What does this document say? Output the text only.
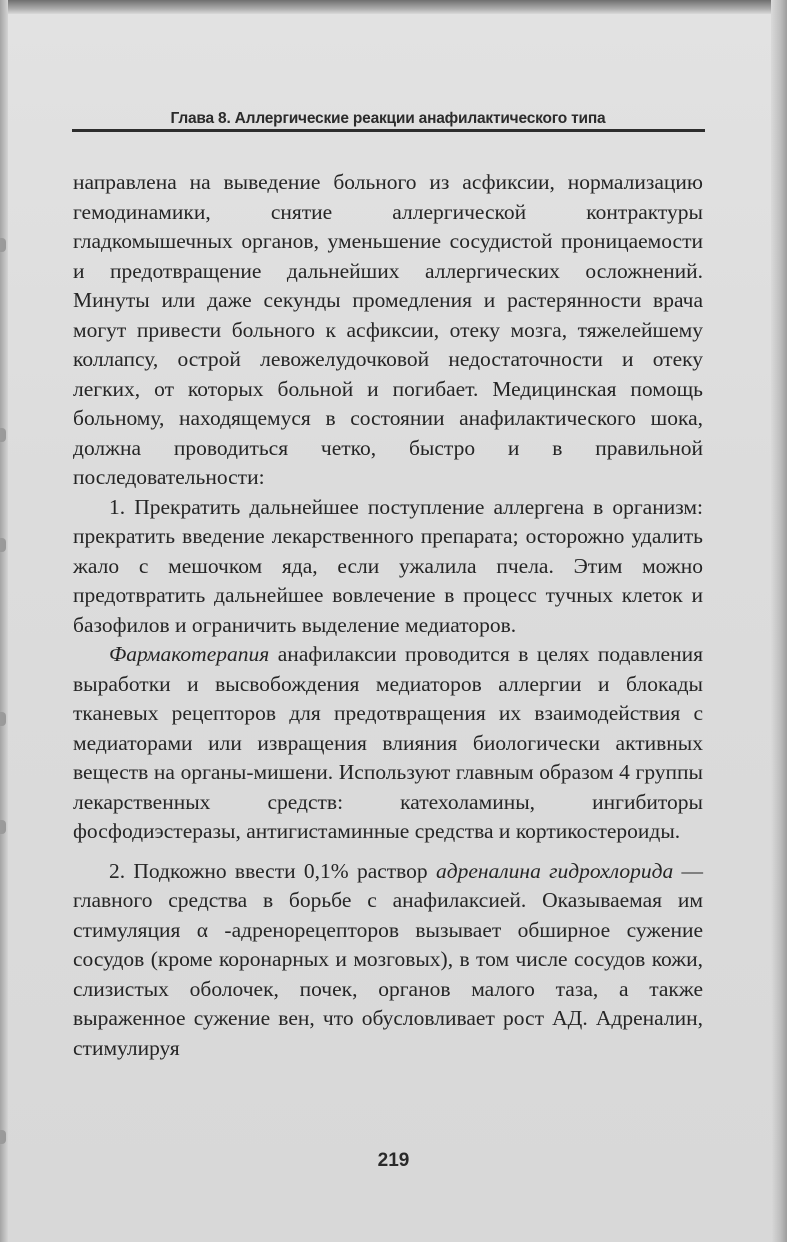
Глава 8. Аллергические реакции анафилактического типа

направлена на выведение больного из асфиксии, нормализацию гемодинамики, снятие аллергической контрактуры гладкомышечных органов, уменьшение сосудистой проницаемости и предотвращение дальнейших аллергических осложнений. Минуты или даже секунды промедления и растерянности врача могут привести больного к асфиксии, отеку мозга, тяжелейшему коллапсу, острой левожелудочковой недостаточности и отеку легких, от которых больной и погибает. Медицинская помощь больному, находящемуся в состоянии анафилактического шока, должна проводиться четко, быстро и в правильной последовательности:

1. Прекратить дальнейшее поступление аллергена в организм: прекратить введение лекарственного препарата; осторожно удалить жало с мешочком яда, если ужалила пчела. Этим можно предотвратить дальнейшее вовлечение в процесс тучных клеток и базофилов и ограничить выделение медиаторов.

Фармакотерапия анафилаксии проводится в целях подавления выработки и высвобождения медиаторов аллергии и блокады тканевых рецепторов для предотвращения их взаимодействия с медиаторами или извращения влияния биологически активных веществ на органы-мишени. Используют главным образом 4 группы лекарственных средств: катехоламины, ингибиторы фосфодиэстеразы, антигистаминные средства и кортикостероиды.

2. Подкожно ввести 0,1% раствор адреналина гидрохлорида — главного средства в борьбе с анафилаксией. Оказываемая им стимуляция α -адренорецепторов вызывает обширное сужение сосудов (кроме коронарных и мозговых), в том числе сосудов кожи, слизистых оболочек, почек, органов малого таза, а также выраженное сужение вен, что обусловливает рост АД. Адреналин, стимулируя

219
